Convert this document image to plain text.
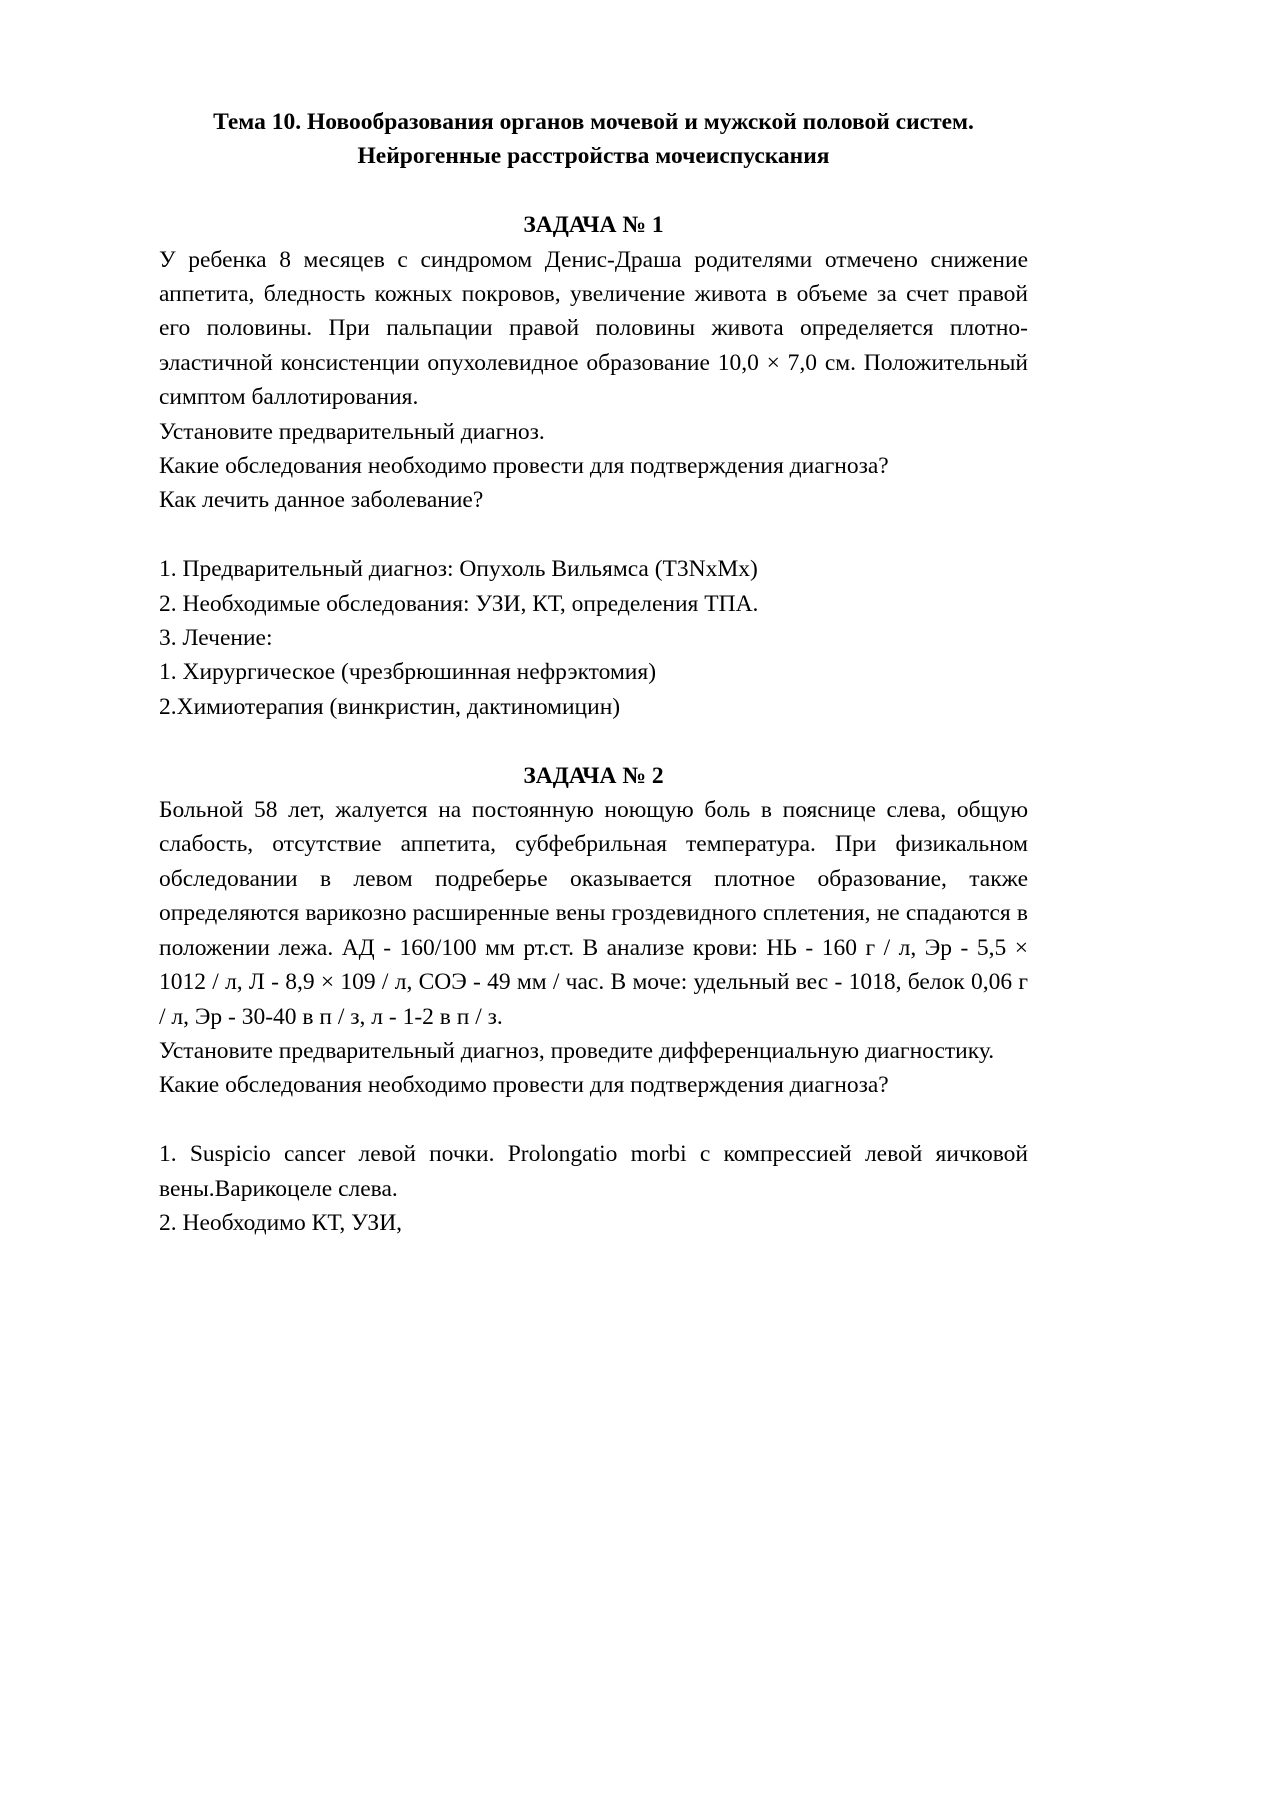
Тема 10. Новообразования органов мочевой и мужской половой систем.

Нейрогенные расстройства мочеиспускания

ЗАДАЧА № 1

У ребенка 8 месяцев с синдромом Денис-Драша родителями отмечено снижение аппетита, бледность кожных покровов, увеличение живота в объеме за счет правой его половины. При пальпации правой половины живота определяется плотно-эластичной консистенции опухолевидное образование 10,0 × 7,0 см. Положительный симптом баллотирования.

Установите предварительный диагноз.

Какие обследования необходимо провести для подтверждения диагноза?

Как лечить данное заболевание?

1. Предварительный диагноз: Опухоль Вильямса (T3NxMx)

2. Необходимые обследования: УЗИ, КТ, определения ТПА.

3. Лечение:

1. Хирургическое (чрезбрюшинная нефрэктомия)

2.Химиотерапия (винкристин, дактиномицин)

ЗАДАЧА № 2

Больной 58 лет, жалуется на постоянную ноющую боль в пояснице слева, общую слабость, отсутствие аппетита, субфебрильная температура. При физикальном обследовании в левом подреберье оказывается плотное образование, также определяются варикозно расширенные вены гроздевидного сплетения, не спадаются в положении лежа. АД - 160/100 мм рт.ст. В анализе крови: НЬ - 160 г / л, Эр - 5,5 × 1012 / л, Л - 8,9 × 109 / л, СОЭ - 49 мм / час. В моче: удельный вес - 1018, белок 0,06 г / л, Эр - 30-40 в п / з, л - 1-2 в п / з.

Установите предварительный диагноз, проведите дифференциальную диагностику.

Какие обследования необходимо провести для подтверждения диагноза?

1. Suspicio cancer левой почки. Prolongatio morbi с компрессией левой яичковой вены.Варикоцеле слева.

2. Необходимо КТ, УЗИ,
